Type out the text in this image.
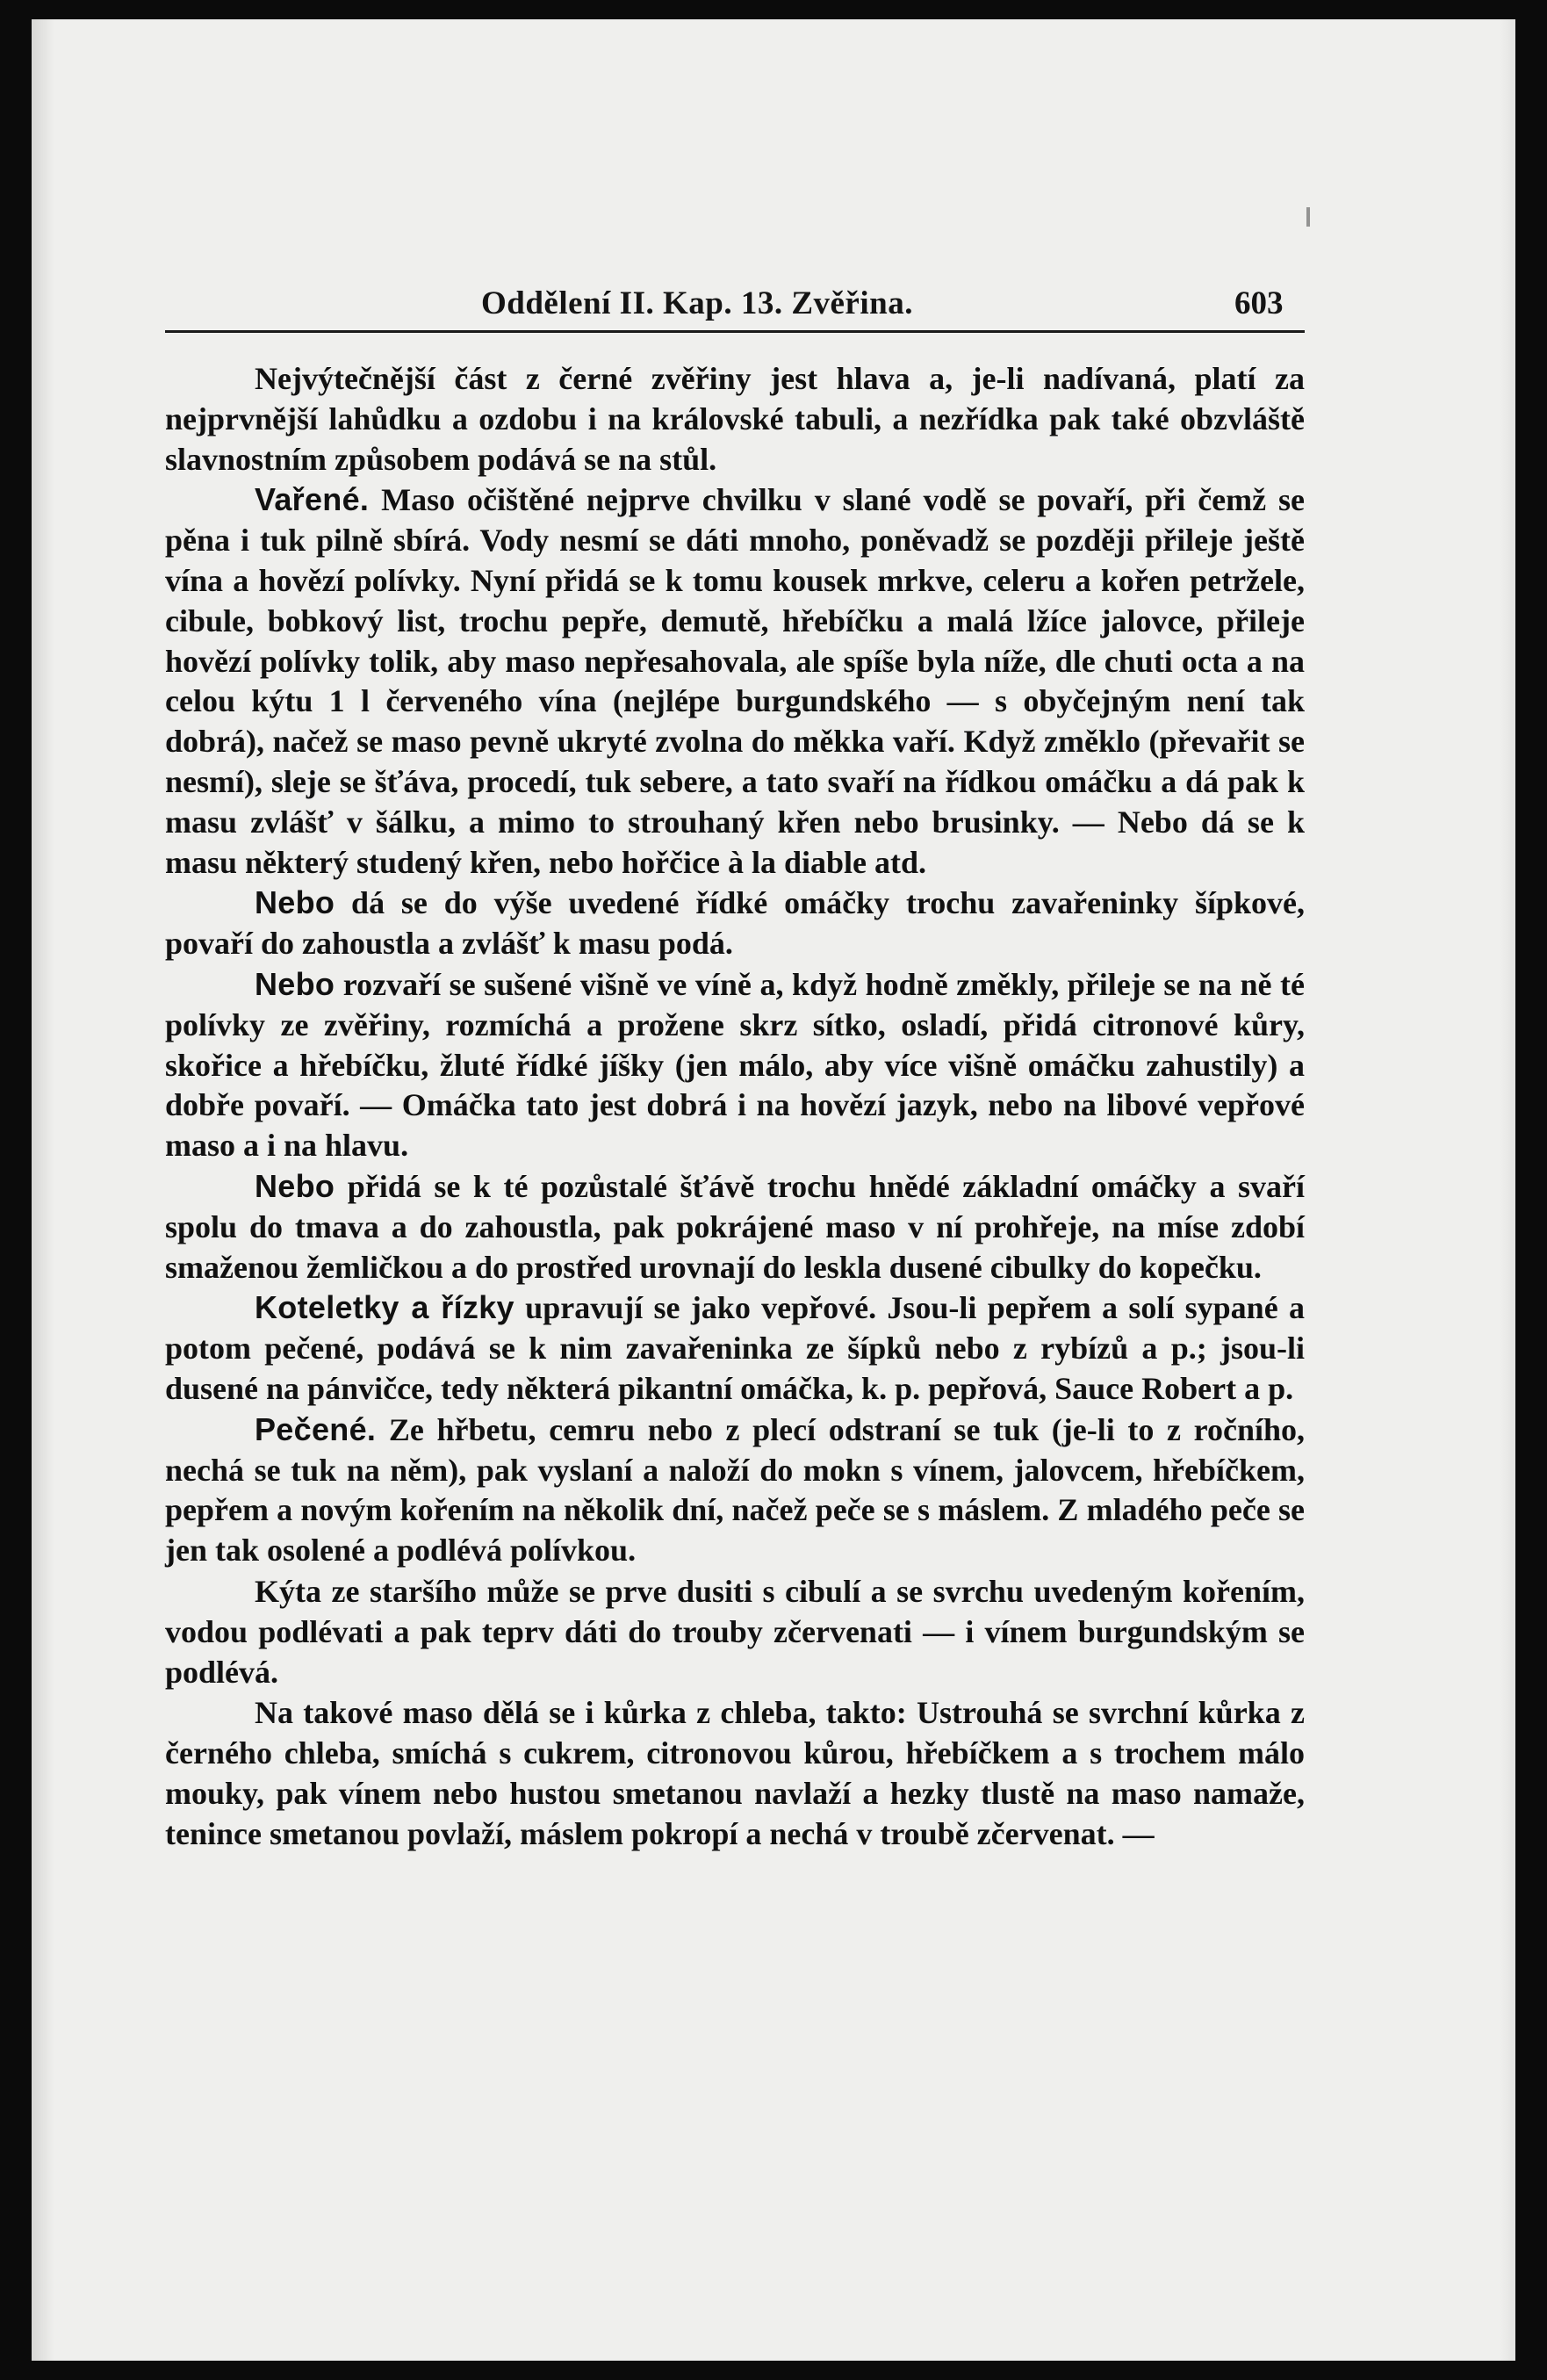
Oddělení II. Kap. 13. Zvěřina.	603

Nejvýtečnější část z černé zvěřiny jest hlava a, je-li nadívaná, platí za nejprvnější lahůdku a ozdobu i na královské tabuli, a nezřídka pak také obzvláště slavnostním způsobem podává se na stůl.

Vařené. Maso očištěné nejprve chvilku v slané vodě se povaří, při čemž se pěna i tuk pilně sbírá. Vody nesmí se dáti mnoho, poněvadž se později přileje ještě vína a hovězí polívky. Nyní přidá se k tomu kousek mrkve, celeru a kořen petržele, cibule, bobkový list, trochu pepře, demutě, hřebíčku a malá lžíce jalovce, přileje hovězí polívky tolik, aby maso nepřesahovala, ale spíše byla níže, dle chuti octa a na celou kýtu 1 l červeného vína (nejlépe burgundského — s obyčejným není tak dobrá), načež se maso pevně ukryté zvolna do měkka vaří. Když změklo (převařit se nesmí), sleje se šťáva, procedí, tuk sebere, a tato svaří na řídkou omáčku a dá pak k masu zvlášť v šálku, a mimo to strouhaný křen nebo brusinky. — Nebo dá se k masu některý studený křen, nebo hořčice à la diable atd.

Nebo dá se do výše uvedené řídké omáčky trochu zavařeninky šípkové, povaří do zahoustla a zvlášť k masu podá.

Nebo rozvaří se sušené višně ve víně a, když hodně změkly, přileje se na ně té polívky ze zvěřiny, rozmíchá a prožene skrz sítko, osladí, přidá citronové kůry, skořice a hřebíčku, žluté řídké jíšky (jen málo, aby více višně omáčku zahustily) a dobře povaří. — Omáčka tato jest dobrá i na hovězí jazyk, nebo na libové vepřové maso a i na hlavu.

Nebo přidá se k té pozůstalé šťávě trochu hnědé základní omáčky a svaří spolu do tmava a do zahoustla, pak pokrájené maso v ní prohřeje, na míse zdobí smaženou žemličkou a do prostřed urovnají do leskla dusené cibulky do kopečku.

Koteletky a řízky upravují se jako vepřové. Jsou-li pepřem a solí sypané a potom pečené, podává se k nim zavařeninka ze šípků nebo z rybízů a p.; jsou-li dusené na pánvičce, tedy některá pikantní omáčka, k. p. pepřová, Sauce Robert a p.

Pečené. Ze hřbetu, cemru nebo z plecí odstraní se tuk (je-li to z ročního, nechá se tuk na něm), pak vyslaní a naloží do mokn s vínem, jalovcem, hřebíčkem, pepřem a novým kořením na několik dní, načež peče se s máslem. Z mladého peče se jen tak osolené a podlévá polívkou.

Kýta ze staršího může se prve dusiti s cibulí a se svrchu uvedeným kořením, vodou podlévati a pak teprv dáti do trouby zčervenati — i vínem burgundským se podlévá.

Na takové maso dělá se i kůrka z chleba, takto: Ustrouhá se svrchní kůrka z černého chleba, smíchá s cukrem, citronovou kůrou, hřebíčkem a s trochem málo mouky, pak vínem nebo hustou smetanou navlaží a hezky tlustě na maso namaže, tenince smetanou povlaží, máslem pokropí a nechá v troubě zčervenat. —
